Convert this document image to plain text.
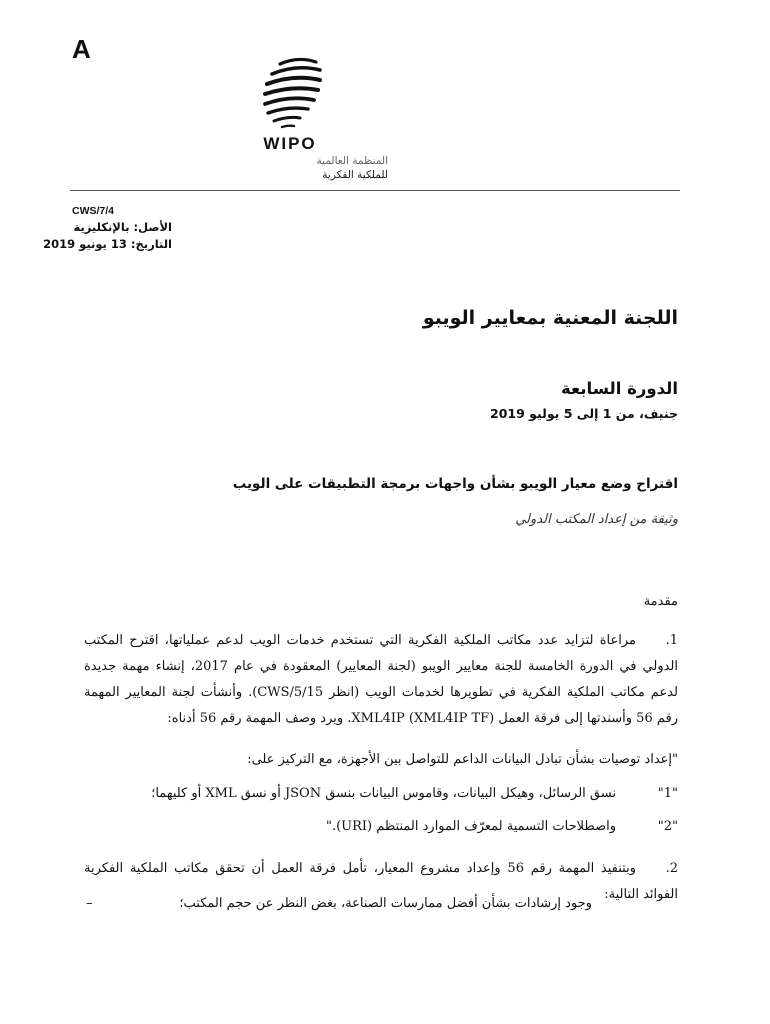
A
WIPO
المنظمة العالمية
للملكية الفكرية
CWS/7/4
الأصل: بالإنكليزية
التاريخ: 13 يونيو 2019
اللجنة المعنية بمعايير الويبو
الدورة السابعة
جنيف، من 1 إلى 5 يوليو 2019
اقتراح وضع معيار الويبو بشأن واجهات برمجة التطبيقات على الويب
وثيقة من إعداد المكتب الدولي
مقدمة
1.مراعاة لتزايد عدد مكاتب الملكية الفكرية التي تستخدم خدمات الويب لدعم عملياتها، اقترح المكتب الدولي في الدورة الخامسة للجنة معايير الويبو (لجنة المعايير) المعقودة في عام 2017، إنشاء مهمة جديدة لدعم مكاتب الملكية الفكرية في تطويرها لخدمات الويب (انظر CWS/5/15). وأنشأت لجنة المعايير المهمة رقم 56 وأسندتها إلى فرقة العمل XML4IP (XML4IP TF). ويرد وصف المهمة رقم 56 أدناه:
"إعداد توصيات بشأن تبادل البيانات الداعم للتواصل بين الأجهزة، مع التركيز على:
"1"نسق الرسائل، وهيكل البيانات، وقاموس البيانات بنسق JSON أو نسق XML أو كليهما؛
"2"واصطلاحات التسمية لمعرّف الموارد المنتظم (URI)."
2.وبتنفيذ المهمة رقم 56 وإعداد مشروع المعيار، تأمل فرقة العمل أن تحقق مكاتب الملكية الفكرية الفوائد التالية:
وجود إرشادات بشأن أفضل ممارسات الصناعة، بغض النظر عن حجم المكتب؛
–
